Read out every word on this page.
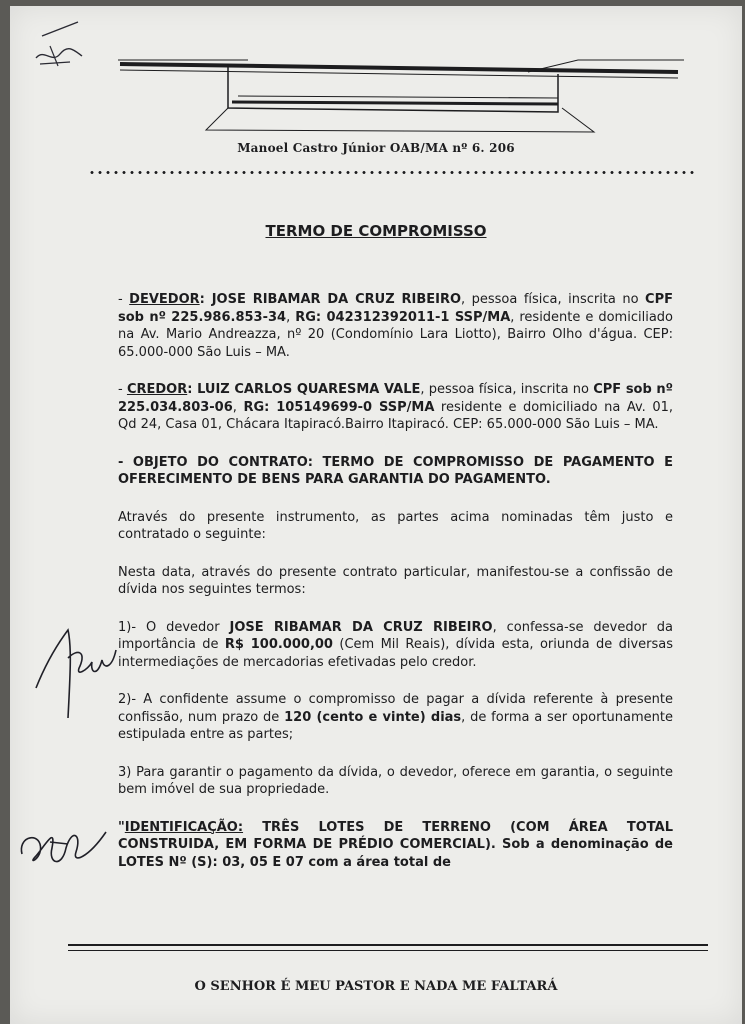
Manoel Castro Júnior OAB/MA nº 6. 206
TERMO DE COMPROMISSO

- DEVEDOR: JOSE RIBAMAR DA CRUZ RIBEIRO, pessoa física, inscrita no CPF sob nº 225.986.853-34, RG: 042312392011-1 SSP/MA, residente e domiciliado na Av. Mario Andreazza, nº 20 (Condomínio Lara Liotto), Bairro Olho d'água. CEP: 65.000-000 São Luis – MA.

- CREDOR: LUIZ CARLOS QUARESMA VALE, pessoa física, inscrita no CPF sob nº 225.034.803-06, RG: 105149699-0 SSP/MA residente e domiciliado na Av. 01, Qd 24, Casa 01, Chácara Itapiracó.Bairro Itapiracó. CEP: 65.000-000 São Luis – MA.

- OBJETO DO CONTRATO: TERMO DE COMPROMISSO DE PAGAMENTO E OFERECIMENTO DE BENS PARA GARANTIA DO PAGAMENTO.

Através do presente instrumento, as partes acima nominadas têm justo e contratado o seguinte:

Nesta data, através do presente contrato particular, manifestou-se a confissão de dívida nos seguintes termos:

1)- O devedor JOSE RIBAMAR DA CRUZ RIBEIRO, confessa-se devedor da importância de R$ 100.000,00 (Cem Mil Reais), dívida esta, oriunda de diversas intermediações de mercadorias efetivadas pelo credor.

2)- A confidente assume o compromisso de pagar a dívida referente à presente confissão, num prazo de 120 (cento e vinte) dias, de forma a ser oportunamente estipulada entre as partes;

3) Para garantir o pagamento da dívida, o devedor, oferece em garantia, o seguinte bem imóvel de sua propriedade.

"IDENTIFICAÇÃO: TRÊS LOTES DE TERRENO (COM ÁREA TOTAL CONSTRUIDA, EM FORMA DE PRÉDIO COMERCIAL). Sob a denominação de LOTES Nº (S): 03, 05 E 07 com a área total de

O SENHOR É MEU PASTOR E NADA ME FALTARÁ
